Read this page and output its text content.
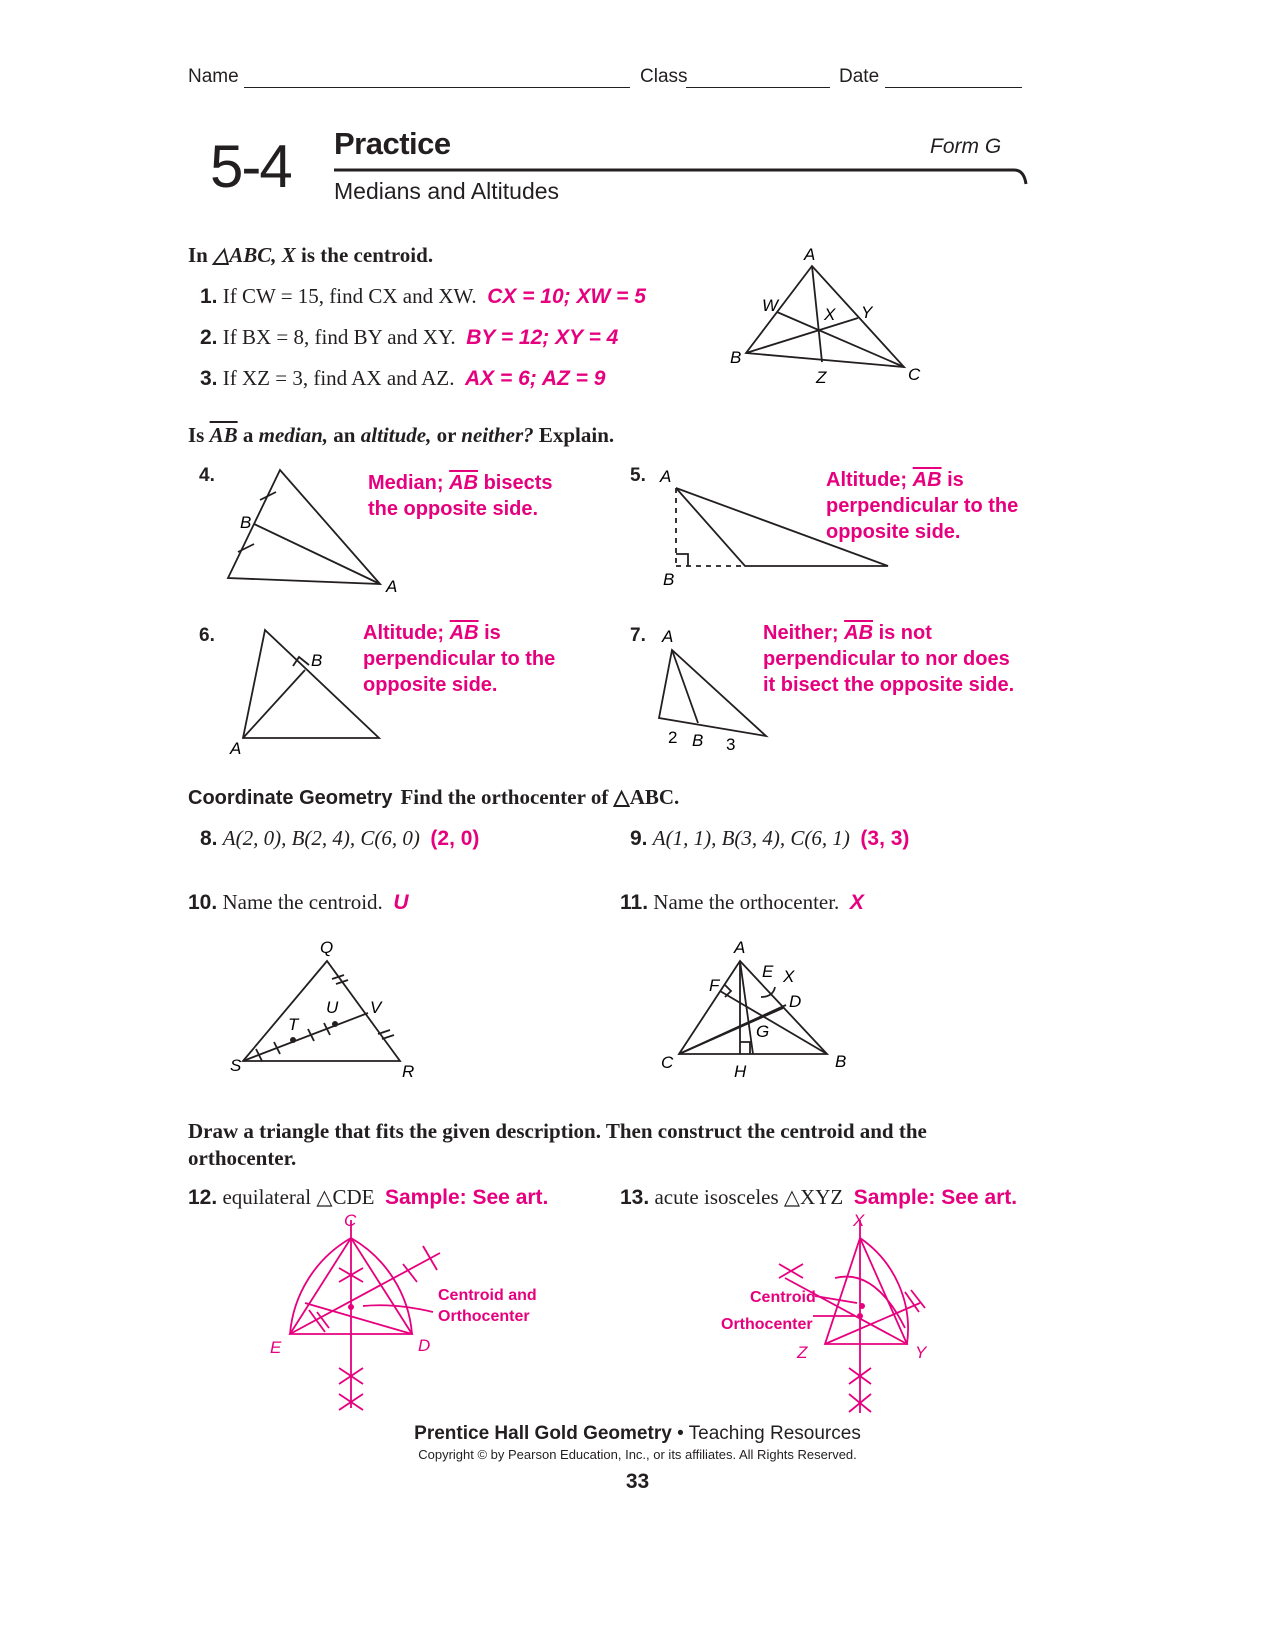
Name	Class	Date
5-4 Practice	Form G
Medians and Altitudes
In △ABC, X is the centroid.
1. If CW = 15, find CX and XW. CX = 10; XW = 5
2. If BX = 8, find BY and XY. BY = 12; XY = 4
3. If XZ = 3, find AX and AZ. AX = 6; AZ = 9
A
W	X Y
B
Z	C
Is $\overline{AB}$ a median, an altitude, or neither? Explain.
4.
B
A
Median; $\overline{AB}$ bisects the opposite side.
5. A
B
Altitude; $\overline{AB}$ is perpendicular to the opposite side.
6.
B
A
Altitude; $\overline{AB}$ is perpendicular to the opposite side.
7. A
2 B 3
Neither; $\overline{AB}$ is not perpendicular to nor does it bisect the opposite side.
Coordinate Geometry Find the orthocenter of △ABC.
8. A(2, 0), B(2, 4), C(6, 0) (2, 0)	9. A(1, 1), B(3, 4), C(6, 1) (3, 3)
10. Name the centroid. U	11. Name the orthocenter. X
Q
S	R
T
U V
A
E X
F
D
G
C	B
H
Draw a triangle that fits the given description. Then construct the centroid and the orthocenter.
12. equilateral △CDE Sample: See art.	13. acute isosceles △XYZ Sample: See art.
C
E	D
Centroid and
Orthocenter
X
Y
Z
Centroid
Orthocenter
Prentice Hall Gold Geometry • Teaching Resources
Copyright © by Pearson Education, Inc., or its affiliates. All Rights Reserved.
33
